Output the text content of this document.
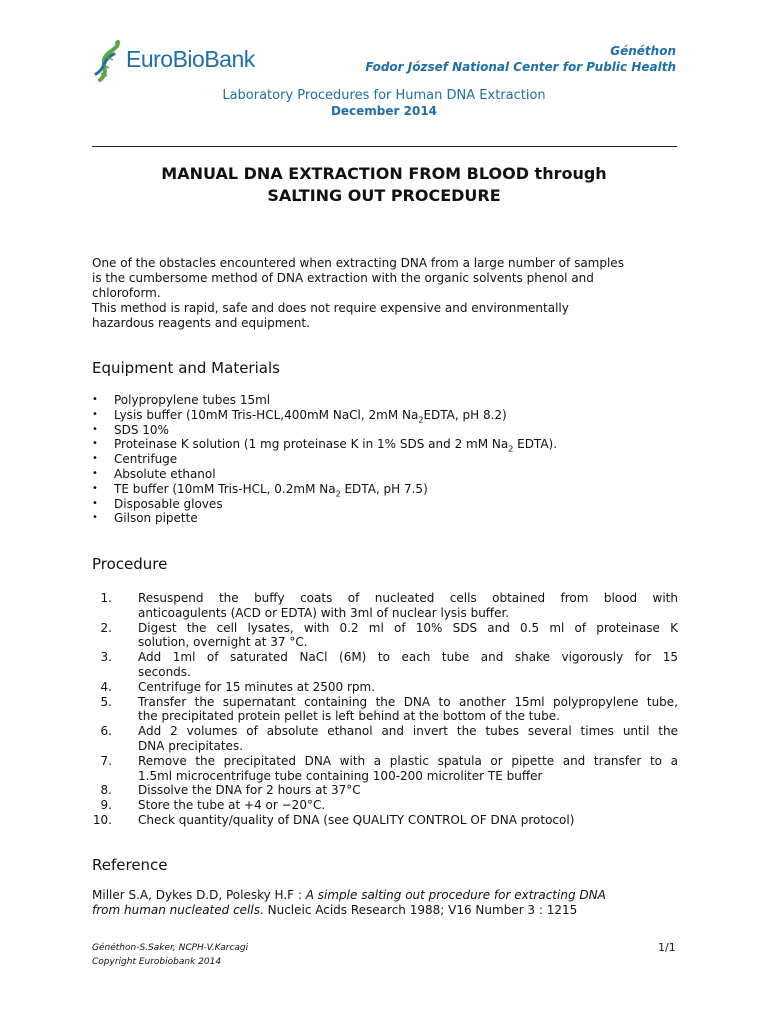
EuroBioBank	Généthon
Fodor József National Center for Public Health
Laboratory Procedures for Human DNA Extraction
December 2014
MANUAL DNA EXTRACTION FROM BLOOD through
SALTING OUT PROCEDURE
One of the obstacles encountered when extracting DNA from a large number of samples
is the cumbersome method of DNA extraction with the organic solvents phenol and
chloroform.
This method is rapid, safe and does not require expensive and environmentally
hazardous reagents and equipment.
Equipment and Materials
• Polypropylene tubes 15ml
• Lysis buffer (10mM Tris-HCL,400mM NaCl, 2mM $Na_2EDTA$, pH 8.2)
• SDS 10%
• Proteinase K solution (1 mg proteinase K in 1% SDS and 2 mM $Na_2$ EDTA).
• Centrifuge
• Absolute ethanol
• TE buffer (10mM Tris-HCL, 0.2mM $Na_2$ EDTA, pH 7.5)
• Disposable gloves
• Gilson pipette
Procedure
1. Resuspend the buffy coats of nucleated cells obtained from blood with
anticoagulents (ACD or EDTA) with 3ml of nuclear lysis buffer.
2. Digest the cell lysates, with 0.2 ml of 10% SDS and 0.5 ml of proteinase K
solution, overnight at 37 °C.
3. Add 1ml of saturated NaCl (6M) to each tube and shake vigorously for 15
seconds.
4. Centrifuge for 15 minutes at 2500 rpm.
5. Transfer the supernatant containing the DNA to another 15ml polypropylene tube,
the precipitated protein pellet is left behind at the bottom of the tube.
6. Add 2 volumes of absolute ethanol and invert the tubes several times until the
DNA precipitates.
7. Remove the precipitated DNA with a plastic spatula or pipette and transfer to a
1.5ml microcentrifuge tube containing 100-200 microliter TE buffer
8. Dissolve the DNA for 2 hours at 37°C
9. Store the tube at +4 or −20°C.
10. Check quantity/quality of DNA (see QUALITY CONTROL OF DNA protocol)
Reference
Miller S.A, Dykes D.D, Polesky H.F : A simple salting out procedure for extracting DNA
from human nucleated cells. Nucleic Acids Research 1988; V16 Number 3 : 1215
Généthon-S.Saker, NCPH-V.Karcagi
Copyright Eurobiobank 2014
1/1
